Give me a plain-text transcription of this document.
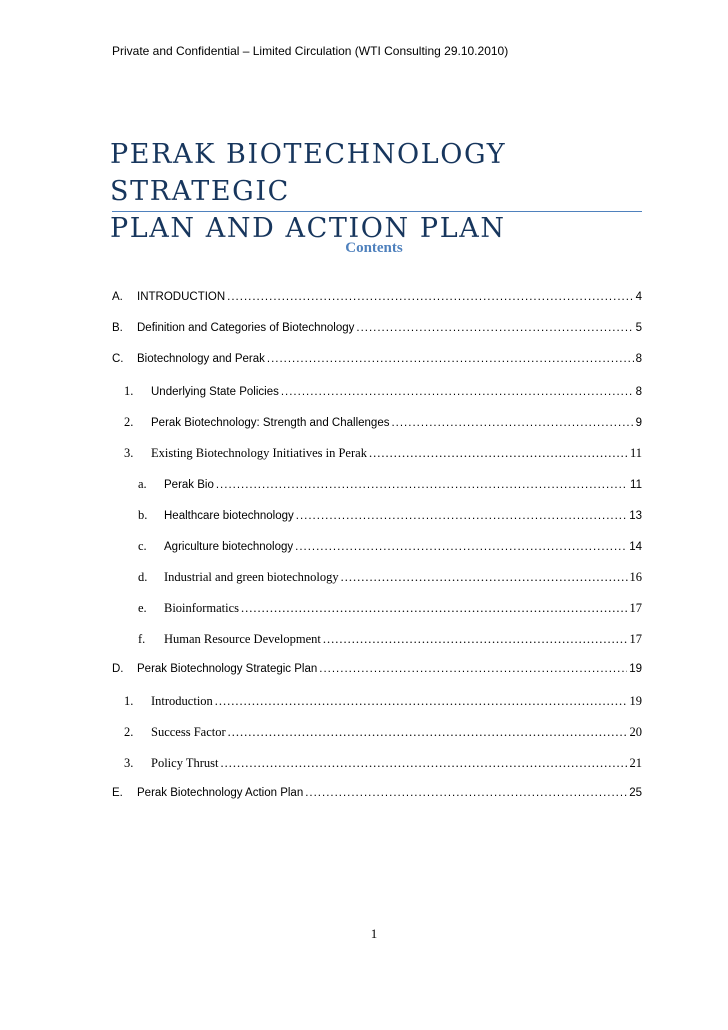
Private and Confidential – Limited Circulation (WTI Consulting 29.10.2010)
PERAK BIOTECHNOLOGY STRATEGIC
PLAN AND ACTION PLAN
Contents
A.	INTRODUCTION .....	4
B.	Definition and Categories of Biotechnology .....	5
C.	Biotechnology and Perak .....	8
1.	Underlying State Policies .....	8
2.	Perak Biotechnology: Strength and Challenges .....	9
3.	Existing Biotechnology Initiatives in Perak .....	11
a.	Perak Bio .....	11
b.	Healthcare biotechnology .....	13
c.	Agriculture biotechnology .....	14
d.	Industrial and green biotechnology .....	16
e.	Bioinformatics .....	17
f.	Human Resource Development .....	17
D.	Perak Biotechnology Strategic Plan .....	19
1.	Introduction .....	19
2.	Success Factor .....	20
3.	Policy Thrust .....	21
E.	Perak Biotechnology Action Plan .....	25
1
